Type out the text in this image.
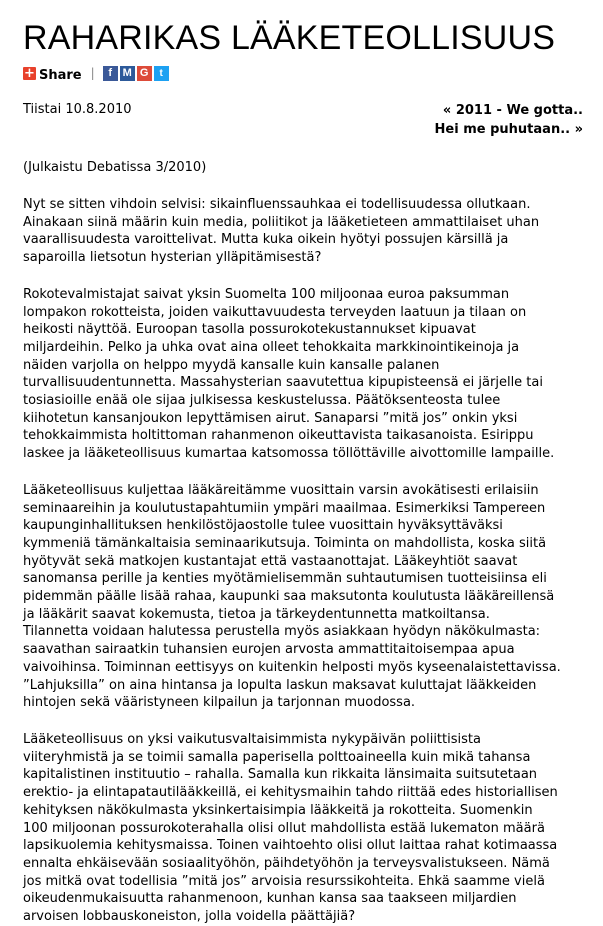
RAHARIKAS LÄÄKETEOLLISUUS
+ Share |	f M G	t
Tiistai 10.8.2010	« 2011 - We gotta..
Hei me puhutaan.. »

(Julkaistu Debatissa 3/2010)

Nyt se sitten vihdoin selvisi: sikainfluenssauhkaa ei todellisuudessa ollutkaan.
Ainakaan siinä määrin kuin media, poliitikot ja lääketieteen ammattilaiset uhan
vaarallisuudesta varoittelivat. Mutta kuka oikein hyötyi possujen kärsillä ja
saparoilla lietsotun hysterian ylläpitämisestä?

Rokotevalmistajat saivat yksin Suomelta 100 miljoonaa euroa paksumman
lompakon rokotteista, joiden vaikuttavuudesta terveyden laatuun ja tilaan on
heikosti näyttöä. Euroopan tasolla possurokotekustannukset kipuavat
miljardeihin. Pelko ja uhka ovat aina olleet tehokkaita markkinointikeinoja ja
näiden varjolla on helppo myydä kansalle kuin kansalle palanen
turvallisuudentunnetta. Massahysterian saavutettua kipupisteensä ei järjelle tai
tosiasioille enää ole sijaa julkisessa keskustelussa. Päätöksenteosta tulee
kiihotetun kansanjoukon lepyttämisen airut. Sanaparsi ”mitä jos” onkin yksi
tehokkaimmista holtittoman rahanmenon oikeuttavista taikasanoista. Esirippu
laskee ja lääketeollisuus kumartaa katsomossa töllöttäville aivottomille lampaille.

Lääketeollisuus kuljettaa lääkäreitämme vuosittain varsin avokätisesti erilaisiin
seminaareihin ja koulutustapahtumiin ympäri maailmaa. Esimerkiksi Tampereen
kaupunginhallituksen henkilöstöjaostolle tulee vuosittain hyväksyttäväksi
kymmeniä tämänkaltaisia seminaarikutsuja. Toiminta on mahdollista, koska siitä
hyötyvät sekä matkojen kustantajat että vastaanottajat. Lääkeyhtiöt saavat
sanomansa perille ja kenties myötämielisemmän suhtautumisen tuotteisiinsa eli
pidemmän päälle lisää rahaa, kaupunki saa maksutonta koulutusta lääkäreillensä
ja lääkärit saavat kokemusta, tietoa ja tärkeydentunnetta matkoiltansa.
Tilannetta voidaan halutessa perustella myös asiakkaan hyödyn näkökulmasta:
saavathan sairaatkin tuhansien eurojen arvosta ammattitaitoisempaa apua
vaivoihinsa. Toiminnan eettisyys on kuitenkin helposti myös kyseenalaistettavissa.
”Lahjuksilla” on aina hintansa ja lopulta laskun maksavat kuluttajat lääkkeiden
hintojen sekä vääristyneen kilpailun ja tarjonnan muodossa.

Lääketeollisuus on yksi vaikutusvaltaisimmista nykypäivän poliittisista
viiteryhmistä ja se toimii samalla paperisella polttoaineella kuin mikä tahansa
kapitalistinen instituutio – rahalla. Samalla kun rikkaita länsimaita suitsutetaan
erektio- ja elintapatautilääkkeillä, ei kehitysmaihin tahdo riittää edes historiallisen
kehityksen näkökulmasta yksinkertaisimpia lääkkeitä ja rokotteita. Suomenkin
100 miljoonan possurokoterahalla olisi ollut mahdollista estää lukematon määrä
lapsikuolemia kehitysmaissa. Toinen vaihtoehto olisi ollut laittaa rahat kotimaassa
ennalta ehkäisevään sosiaalityöhön, päihdetyöhön ja terveysvalistukseen. Nämä
jos mitkä ovat todellisia ”mitä jos” arvoisia resurssikohteita. Ehkä saamme vielä
oikeudenmukaisuutta rahanmenoon, kunhan kansa saa taakseen miljardien
arvoisen lobbauskoneiston, jolla voidella päättäjiä?
